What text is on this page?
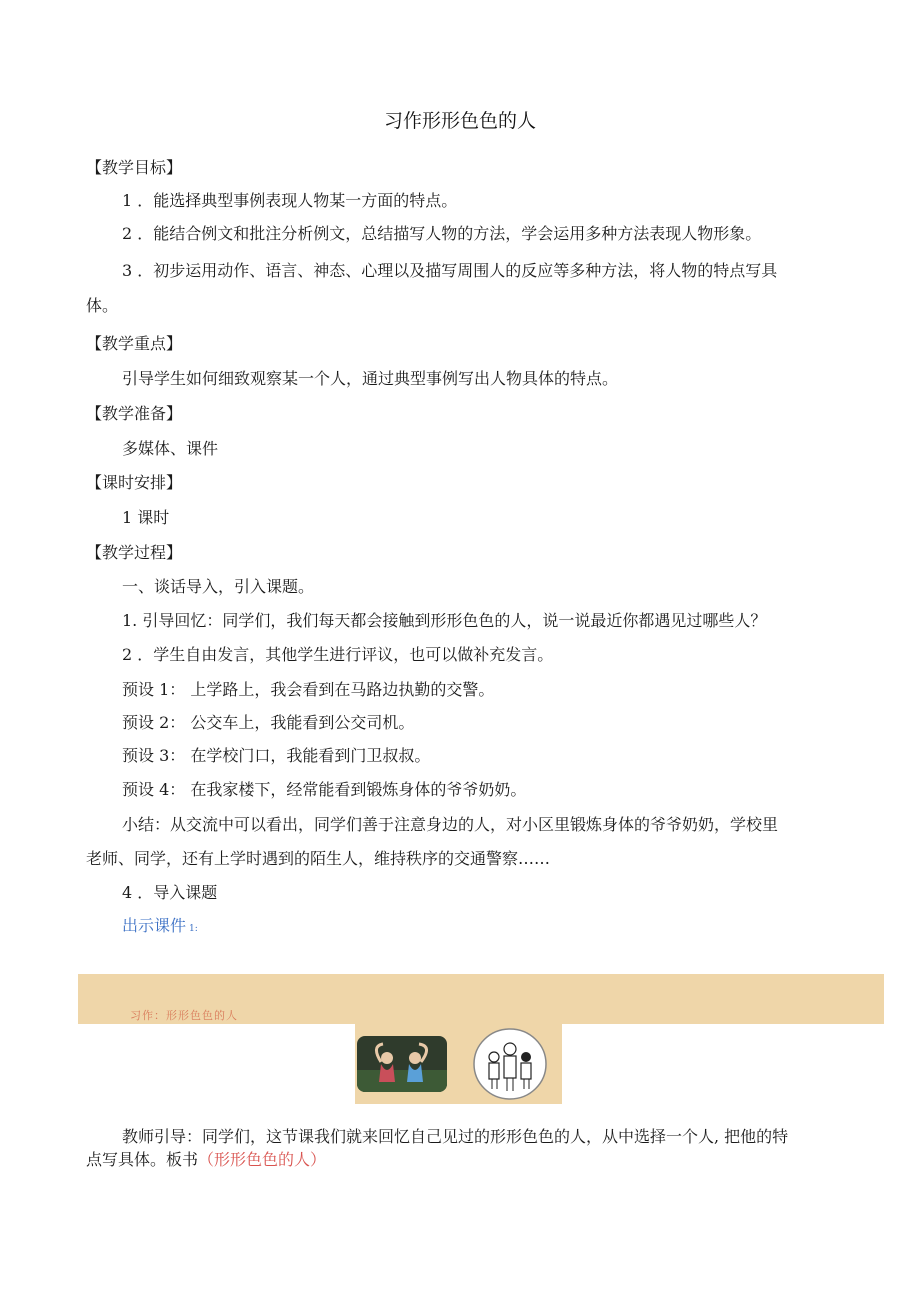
习作形形色色的人
【教学目标】
1 ．能选择典型事例表现人物某一方面的特点。
2 ．能结合例文和批注分析例文，总结描写人物的方法，学会运用多种方法表现人物形象。
3 ．初步运用动作、语言、神态、心理以及描写周围人的反应等多种方法，将人物的特点写具
体。
【教学重点】
引导学生如何细致观察某一个人，通过典型事例写出人物具体的特点。
【教学准备】
多媒体、课件
【课时安排】
1 课时
【教学过程】
一、谈话导入，引入课题。
1. 引导回忆：同学们，我们每天都会接触到形形色色的人，说一说最近你都遇见过哪些人？
2 ．学生自由发言，其他学生进行评议，也可以做补充发言。
预设 1： 上学路上，我会看到在马路边执勤的交警。
预设 2： 公交车上，我能看到公交司机。
预设 3： 在学校门口，我能看到门卫叔叔。
预设 4： 在我家楼下，经常能看到锻炼身体的爷爷奶奶。
小结：从交流中可以看出，同学们善于注意身边的人，对小区里锻炼身体的爷爷奶奶，学校里
老师、同学，还有上学时遇到的陌生人，维持秩序的交通警察……
4 ．导入课题
出示课件 1:
习作：形形色色的人
教师引导：同学们，这节课我们就来回忆自己见过的形形色色的人，从中选择一个人, 把他的特
点写具体。板书（形形色色的人）
